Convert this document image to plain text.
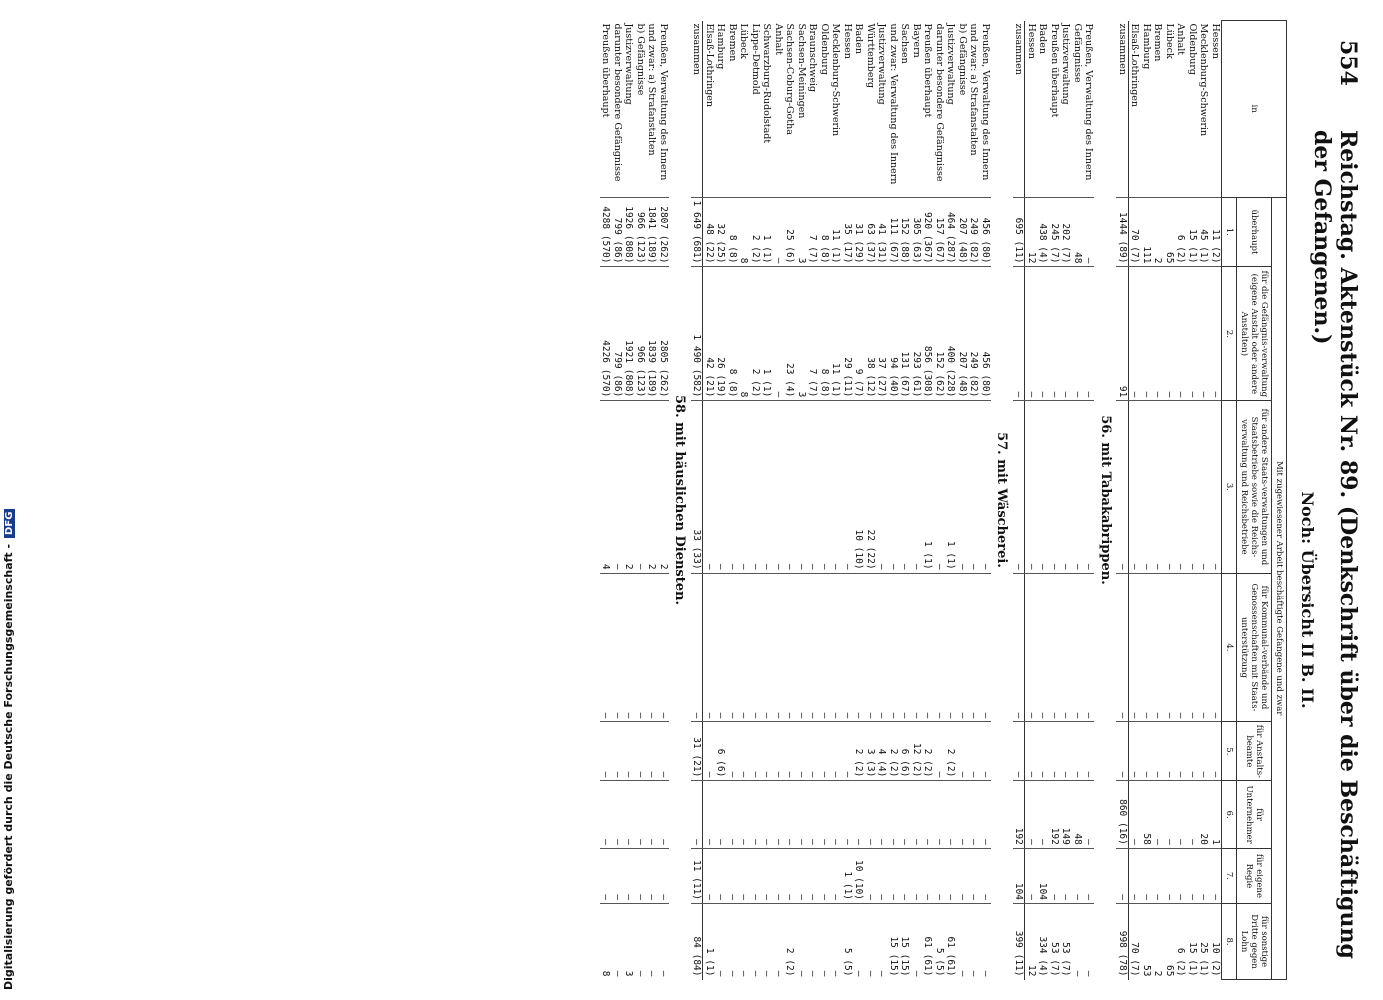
554
Reichstag. Aktenstück Nr. 89. (Denkschrift über die Beschäftigung der Gefangenen.)
Noch: Übersicht II B. II.
in	Mit zugewiesener Arbeit beschäftigte Gefangene und zwar							
	überhaupt	für die Gefängnis-verwaltung (eigene Anstalt oder andere Anstalten)	für andere Staats-verwaltungen und Staatsbetriebe sowie die Reichs-verwaltung und Reichsbetriebe	für Kommunal-verbände und Genossenschaften mit Staats-unterstützung	für Anstalts-beamte	für Unternehmer	für eigene Regie	für sonstige Dritte gegen Lohn
	1.	2.	3.	4.	5.	6.	7.	8.
Hessen	11 (2)	—	—	—	—	1	—	10 (2)
Mecklenburg-Schwerin	45 (1)	—	—	—	—	20	—	25 (1)
Oldenburg	15 (1)	—	—	—	—	—	—	15 (1)
Anhalt	6 (2)	—	—	—	—	—	—	6 (2)
Lübeck	65	—	—	—	—	—	—	65
Bremen	2	—	—	—	—	—	—	2
Hamburg	111	—	—	—	—	58	—	53
Elsaß-Lothringen	70 (7)	—	—	—	—	—	—	70 (7)
zusammen	1444 (89)	91	—	—	—	860 (16)	—	998 (78)
56. mit Tabakabrippen.								
Preußen, Verwaltung des Innern	—	—	—	—	—	—	—	—
Gefängnisse	48	—	—	—	—	48	—	—
Justizverwaltung	202 (7)	—	—	—	—	149	—	53 (7)
Preußen überhaupt	245 (7)	—	—	—	—	192	—	53 (7)
Baden	438 (4)	—	—	—	—	—	104	334 (4)
Hessen	12	—	—	—	—	—	—	12
zusammen	695 (11)	—	—	—	—	192	104	399 (11)
57. mit Wäscherei.								
Preußen, Verwaltung des Innern	456 (80)	456 (80)	—	—	—	—	—	—
und zwar: a) Strafanstalten	249 (82)	249 (82)	—	—	—	—	—	—
b) Gefängnisse	207 (48)	207 (48)	—	—	—	—	—	—
Justizverwaltung	464 (287)	400 (228)	1 (1)	—	2 (2)	—	—	61 (61)
darunter besondere Gefängnisse	157 (67)	152 (62)	—	—	—	—	—	5 (5)
Preußen überhaupt	920 (367)	856 (308)	1 (1)	—	2 (2)	—	—	61 (61)
Bayern	305 (63)	293 (61)	—	—	12 (2)	—	—	—
Sachsen	152 (88)	131 (67)	—	—	6 (6)	—	—	15 (15)
und zwar: Verwaltung des Innern	111 (67)	94 (40)	—	—	2 (2)	—	—	15 (15)
Justizverwaltung	41 (31)	37 (27)	—	—	4 (4)	—	—	—
Württemberg	63 (37)	38 (12)	22 (22)	—	3 (3)	—	—	—
Baden	31 (29)	9 (7)	10 (10)	—	2 (2)	—	10 (10)	—
Hessen	35 (17)	29 (11)	—	—	—	—	1 (1)	5 (5)
Mecklenburg-Schwerin	11 (1)	11 (1)	—	—	—	—	—	—
Oldenburg	8 (8)	8 (8)	—	—	—	—	—	—
Braunschweig	7 (7)	7 (7)	—	—	—	—	—	—
Sachsen-Meiningen	3	3	—	—	—	—	—	—
Sachsen-Coburg-Gotha	25 (6)	23 (4)	—	—	—	—	—	2 (2)
Anhalt	—	—	—	—	—	—	—	—
Schwarzburg-Rudolstadt	1 (1)	1 (1)	—	—	—	—	—	—
Lippe-Detmold	2 (2)	2 (2)	—	—	—	—	—	—
Lübeck	8	8	—	—	—	—	—	—
Bremen	8 (8)	8 (8)	—	—	—	—	—	—
Hamburg	32 (25)	26 (19)	—	—	6 (6)	—	—	—
Elsaß-Lothringen	48 (22)	42 (21)	—	—	—	—	—	1 (1)
zusammen	1 649 (681)	1 490 (582)	33 (33)	—	31 (21)	—	11 (11)	84 (84)
58. mit häuslichen Diensten.								
Preußen, Verwaltung des Innern	2807 (262)	2805 (262)	2	—	—	—	—	—
und zwar: a) Strafanstalten	1841 (189)	1839 (189)	2	—	—	—	—	—
b) Gefängnisse	966 (123)	966 (123)	—	—	—	—	—	—
Justizverwaltung	1926 (808)	1921 (808)	2	—	—	—	—	3
darunter besondere Gefängnisse	799 (86)	799 (86)	—	—	—	—	—	—
Preußen überhaupt	4288 (570)	4226 (570)	4	—	—	—	—	8
Digitalisierung gefördert durch die Deutsche Forschungsgemeinschaft -DFG
